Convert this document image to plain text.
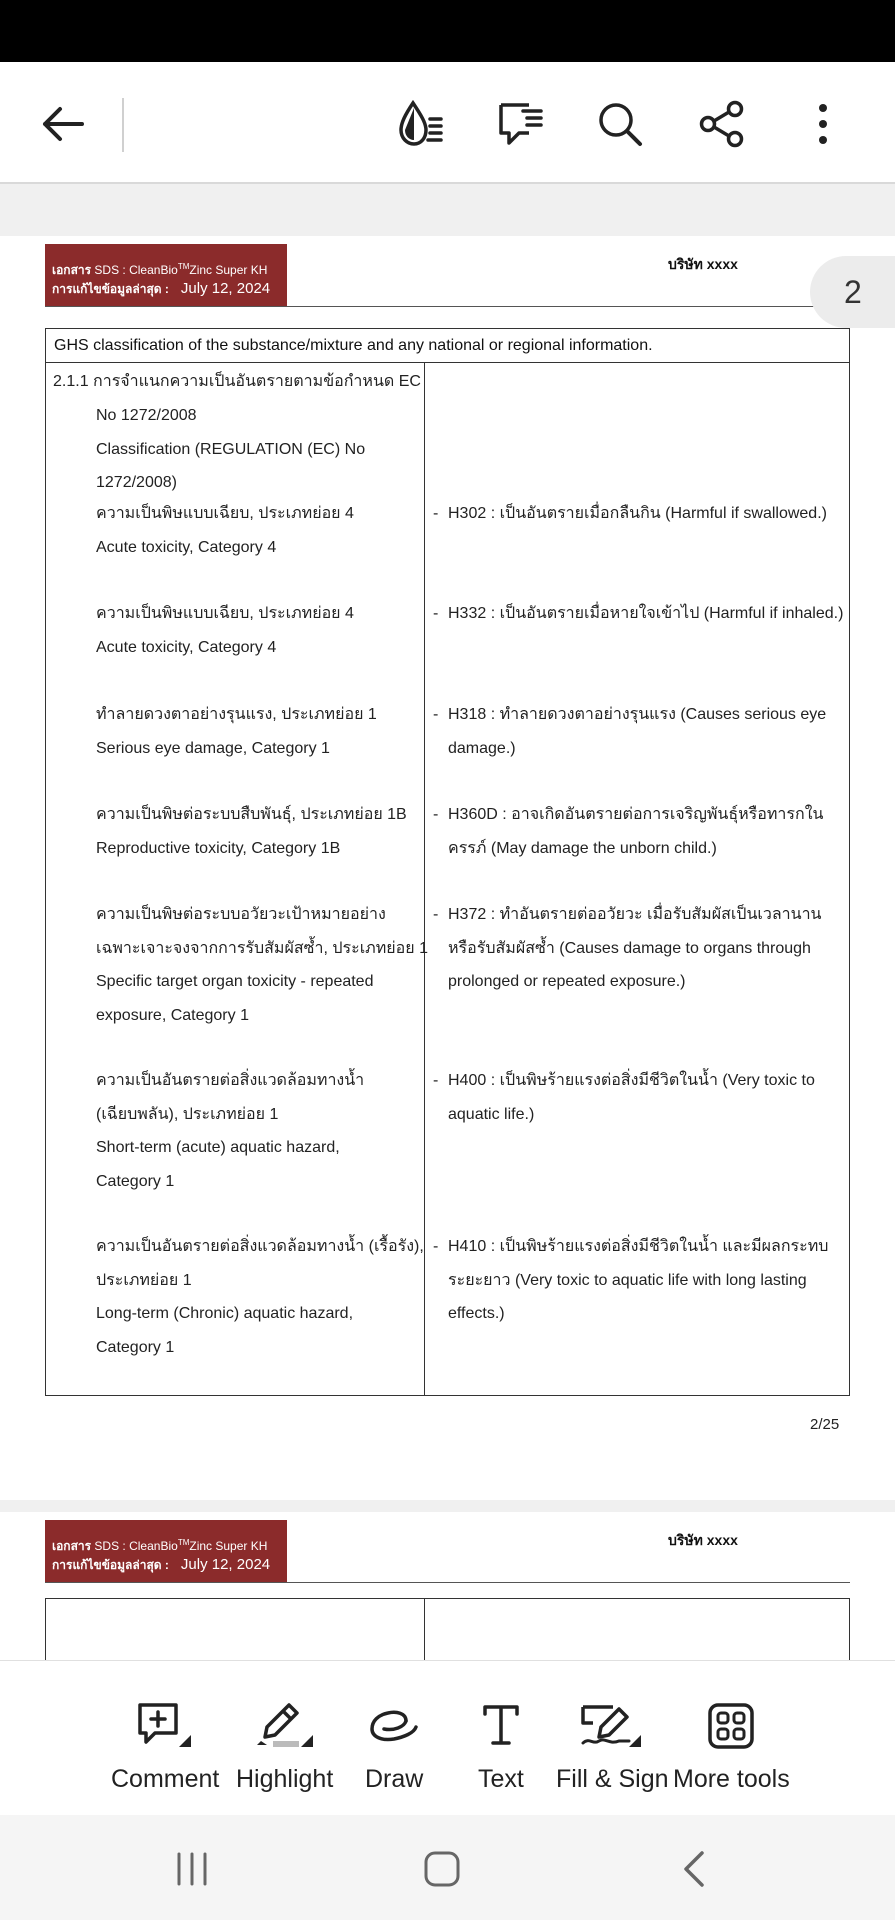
เอกสาร SDS : CleanBio™Zinc Super KH
การแก้ไขข้อมูลล่าสุด : July 12, 2024
บริษัท xxxx
GHS classification of the substance/mixture and any national or regional information.
2.1.1 การจำแนกความเป็นอันตรายตามข้อกำหนด EC
No 1272/2008
Classification (REGULATION (EC) No
1272/2008)
ความเป็นพิษแบบเฉียบ, ประเภทย่อย 4
Acute toxicity, Category 4
- H302 : เป็นอันตรายเมื่อกลืนกิน (Harmful if swallowed.)
ความเป็นพิษแบบเฉียบ, ประเภทย่อย 4
Acute toxicity, Category 4
- H332 : เป็นอันตรายเมื่อหายใจเข้าไป (Harmful if inhaled.)
ทำลายดวงตาอย่างรุนแรง, ประเภทย่อย 1
Serious eye damage, Category 1
- H318 : ทำลายดวงตาอย่างรุนแรง (Causes serious eye
damage.)
ความเป็นพิษต่อระบบสืบพันธุ์, ประเภทย่อย 1B
Reproductive toxicity, Category 1B
- H360D : อาจเกิดอันตรายต่อการเจริญพันธุ์หรือทารกใน
ครรภ์ (May damage the unborn child.)
ความเป็นพิษต่อระบบอวัยวะเป้าหมายอย่าง
เฉพาะเจาะจงจากการรับสัมผัสซ้ำ, ประเภทย่อย 1
Specific target organ toxicity - repeated
exposure, Category 1
- H372 : ทำอันตรายต่ออวัยวะ เมื่อรับสัมผัสเป็นเวลานาน
หรือรับสัมผัสซ้ำ (Causes damage to organs through
prolonged or repeated exposure.)
ความเป็นอันตรายต่อสิ่งแวดล้อมทางน้ำ
(เฉียบพลัน), ประเภทย่อย 1
Short-term (acute) aquatic hazard,
Category 1
- H400 : เป็นพิษร้ายแรงต่อสิ่งมีชีวิตในน้ำ (Very toxic to
aquatic life.)
ความเป็นอันตรายต่อสิ่งแวดล้อมทางน้ำ (เรื้อรัง),
ประเภทย่อย 1
Long-term (Chronic) aquatic hazard,
Category 1
- H410 : เป็นพิษร้ายแรงต่อสิ่งมีชีวิตในน้ำ และมีผลกระทบ
ระยะยาว (Very toxic to aquatic life with long lasting
effects.)
2/25
2
เอกสาร SDS : CleanBio™Zinc Super KH
การแก้ไขข้อมูลล่าสุด : July 12, 2024
บริษัท xxxx
Comment Highlight Draw Text Fill & Sign More tools
